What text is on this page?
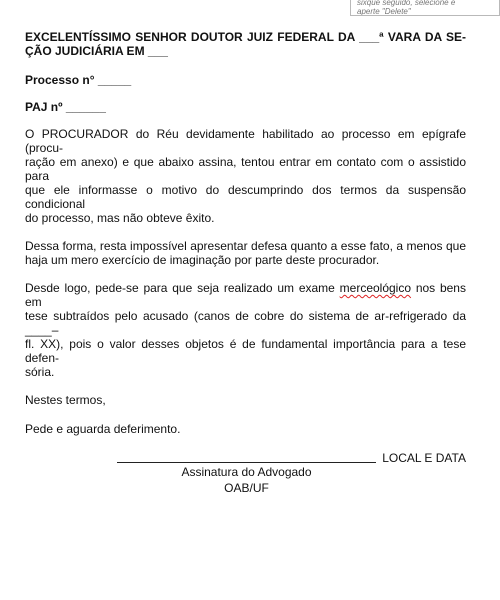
sixque seguido, selecione e
aperte "Delete"
EXCELENTÍSSIMO SENHOR DOUTOR JUIZ FEDERAL DA ___ª VARA DA SE-
ÇÃO JUDICIÁRIA EM ___

Processo n° _____

PAJ nº ______

O PROCURADOR do Réu devidamente habilitado ao processo em epígrafe (procu-
ração em anexo) e que abaixo assina, tentou entrar em contato com o assistido para
que ele informasse o motivo do descumprindo dos termos da suspensão condicional
do processo, mas não obteve êxito.
Dessa forma, resta impossível apresentar defesa quanto a esse fato, a menos que
haja um mero exercício de imaginação por parte deste procurador.
Desde logo, pede-se para que seja realizado um exame merceológico nos bens em
tese subtraídos pelo acusado (canos de cobre do sistema de ar-refrigerado da ____–
fl. XX), pois o valor desses objetos é de fundamental importância para a tese defen-
sória.

Nestes termos,

Pede e aguarda deferimento.

LOCAL E DATA

Assinatura do Advogado
OAB/UF
